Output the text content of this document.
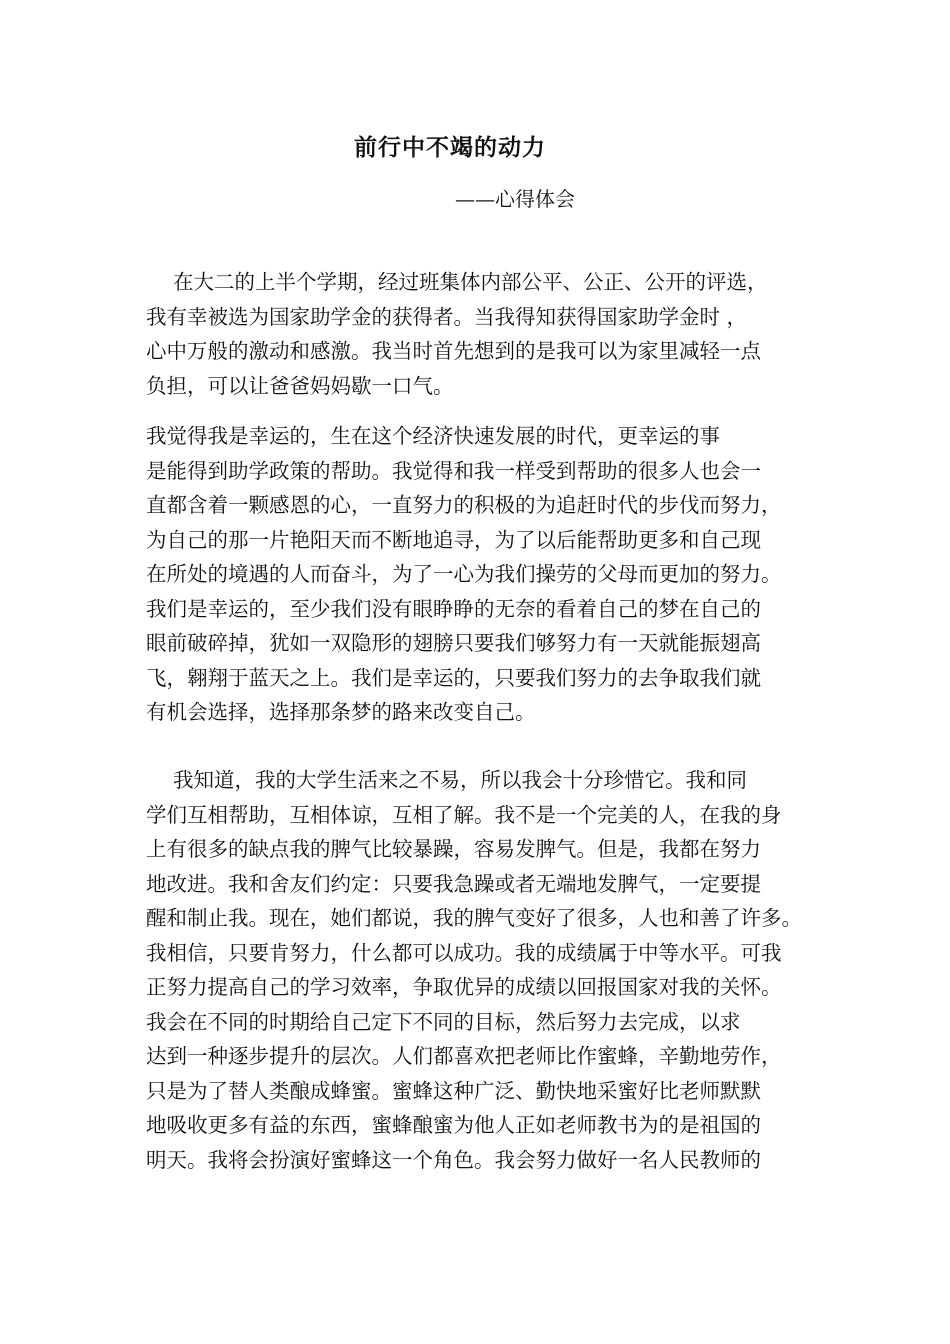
前行中不竭的动力
——心得体会
　 在大二的上半个学期，经过班集体内部公平、公正、公开的评选，
我有幸被选为国家助学金的获得者。当我得知获得国家助学金时 ，
心中万般的激动和感激。我当时首先想到的是我可以为家里减轻一点
负担，可以让爸爸妈妈歇一口气。
我觉得我是幸运的，生在这个经济快速发展的时代，更幸运的事
是能得到助学政策的帮助。我觉得和我一样受到帮助的很多人也会一
直都含着一颗感恩的心，一直努力的积极的为追赶时代的步伐而努力，
为自己的那一片艳阳天而不断地追寻，为了以后能帮助更多和自己现
在所处的境遇的人而奋斗，为了一心为我们操劳的父母而更加的努力。
我们是幸运的，至少我们没有眼睁睁的无奈的看着自己的梦在自己的
眼前破碎掉，犹如一双隐形的翅膀只要我们够努力有一天就能振翅高
飞，翱翔于蓝天之上。我们是幸运的，只要我们努力的去争取我们就
有机会选择，选择那条梦的路来改变自己。
　 我知道，我的大学生活来之不易，所以我会十分珍惜它。我和同
学们互相帮助，互相体谅，互相了解。我不是一个完美的人，在我的身
上有很多的缺点我的脾气比较暴躁，容易发脾气。但是，我都在努力
地改进。我和舍友们约定：只要我急躁或者无端地发脾气，一定要提
醒和制止我。现在，她们都说，我的脾气变好了很多，人也和善了许多。
我相信，只要肯努力，什么都可以成功。我的成绩属于中等水平。可我
正努力提高自己的学习效率，争取优异的成绩以回报国家对我的关怀。
我会在不同的时期给自己定下不同的目标，然后努力去完成，以求
达到一种逐步提升的层次。人们都喜欢把老师比作蜜蜂，辛勤地劳作，
只是为了替人类酿成蜂蜜。蜜蜂这种广泛、勤快地采蜜好比老师默默
地吸收更多有益的东西，蜜蜂酿蜜为他人正如老师教书为的是祖国的
明天。我将会扮演好蜜蜂这一个角色。我会努力做好一名人民教师的
